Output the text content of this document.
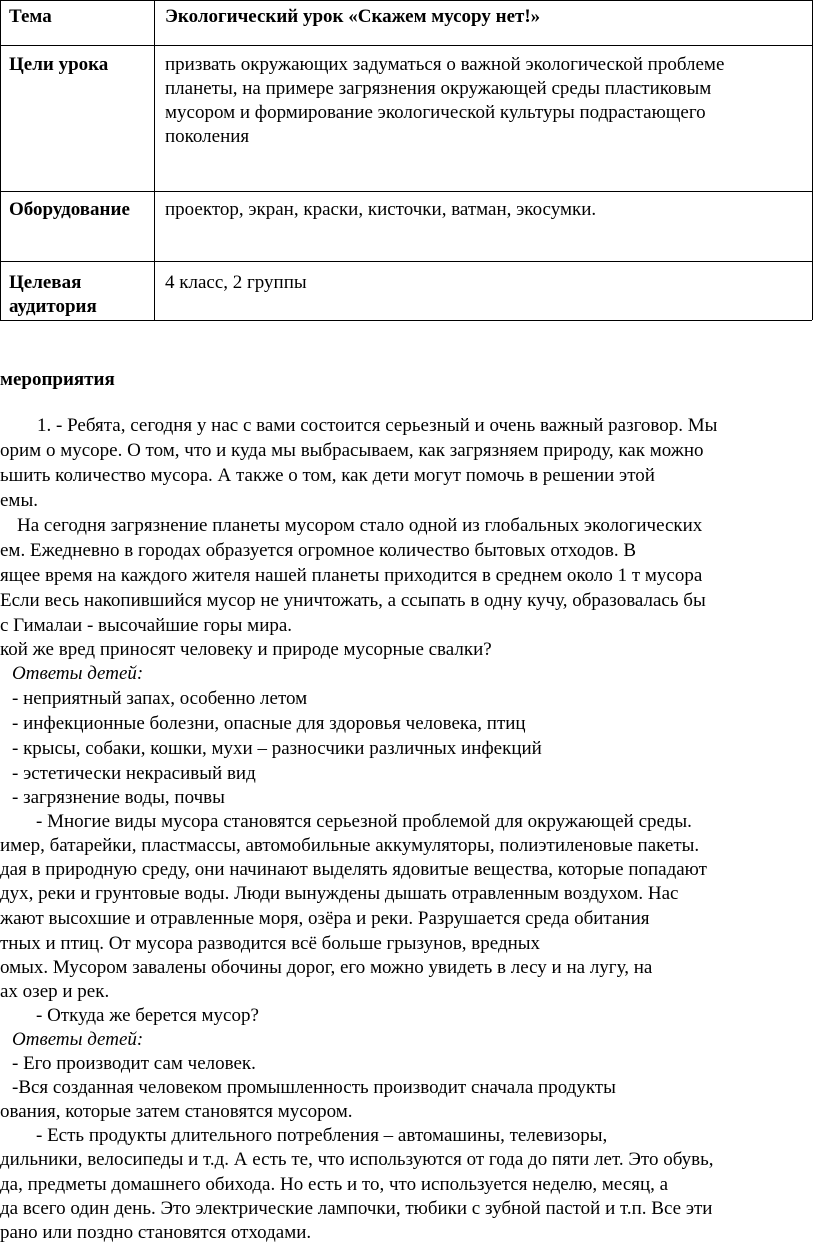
Тема	Экологический урок «Скажем мусору нет!»
Цели урока	призвать окружающих задуматься о важной экологической проблеме
планеты, на примере загрязнения окружающей среды пластиковым
мусором и формирование экологической культуры подрастающего
поколения
Оборудование проектор, экран, краски, кисточки, ватман, экосумки.
Целевая
аудитория
4 класс, 2 группы
мероприятия
1. - Ребята, сегодня у нас с вами состоится серьезный и очень важный разговор. Мы
орим о мусоре. О том, что и куда мы выбрасываем, как загрязняем природу, как можно
ьшить количество мусора. А также о том, как дети могут помочь в решении этой
емы.
На сегодня загрязнение планеты мусором стало одной из глобальных экологических
ем. Ежедневно в городах образуется огромное количество бытовых отходов. В
ящее время на каждого жителя нашей планеты приходится в среднем около 1 т мусора
Если весь накопившийся мусор не уничтожать, а ссыпать в одну кучу, образовалась бы
с Гималаи - высочайшие горы мира.
кой же вред приносят человеку и природе мусорные свалки?
Ответы детей:
- неприятный запах, особенно летом
- инфекционные болезни, опасные для здоровья человека, птиц
- крысы, собаки, кошки, мухи – разносчики различных инфекций
- эстетически некрасивый вид
- загрязнение воды, почвы
- Многие виды мусора становятся серьезной проблемой для окружающей среды.
имер, батарейки, пластмассы, автомобильные аккумуляторы, полиэтиленовые пакеты.
дая в природную среду, они начинают выделять ядовитые вещества, которые попадают
дух, реки и грунтовые воды. Люди вынуждены дышать отравленным воздухом. Нас
жают высохшие и отравленные моря, озёра и реки. Разрушается среда обитания
тных и птиц. От мусора разводится всё больше грызунов, вредных
омых. Мусором завалены обочины дорог, его можно увидеть в лесу и на лугу, на
ах озер и рек.
- Откуда же берется мусор?
Ответы детей:
- Его производит сам человек.
-Вся созданная человеком промышленность производит сначала продукты
ования, которые затем становятся мусором.
- Есть продукты длительного потребления – автомашины, телевизоры,
дильники, велосипеды и т.д. А есть те, что используются от года до пяти лет. Это обувь,
да, предметы домашнего обихода. Но есть и то, что используется неделю, месяц, а
да всего один день. Это электрические лампочки, тюбики с зубной пастой и т.п. Все эти
рано или поздно становятся отходами.
